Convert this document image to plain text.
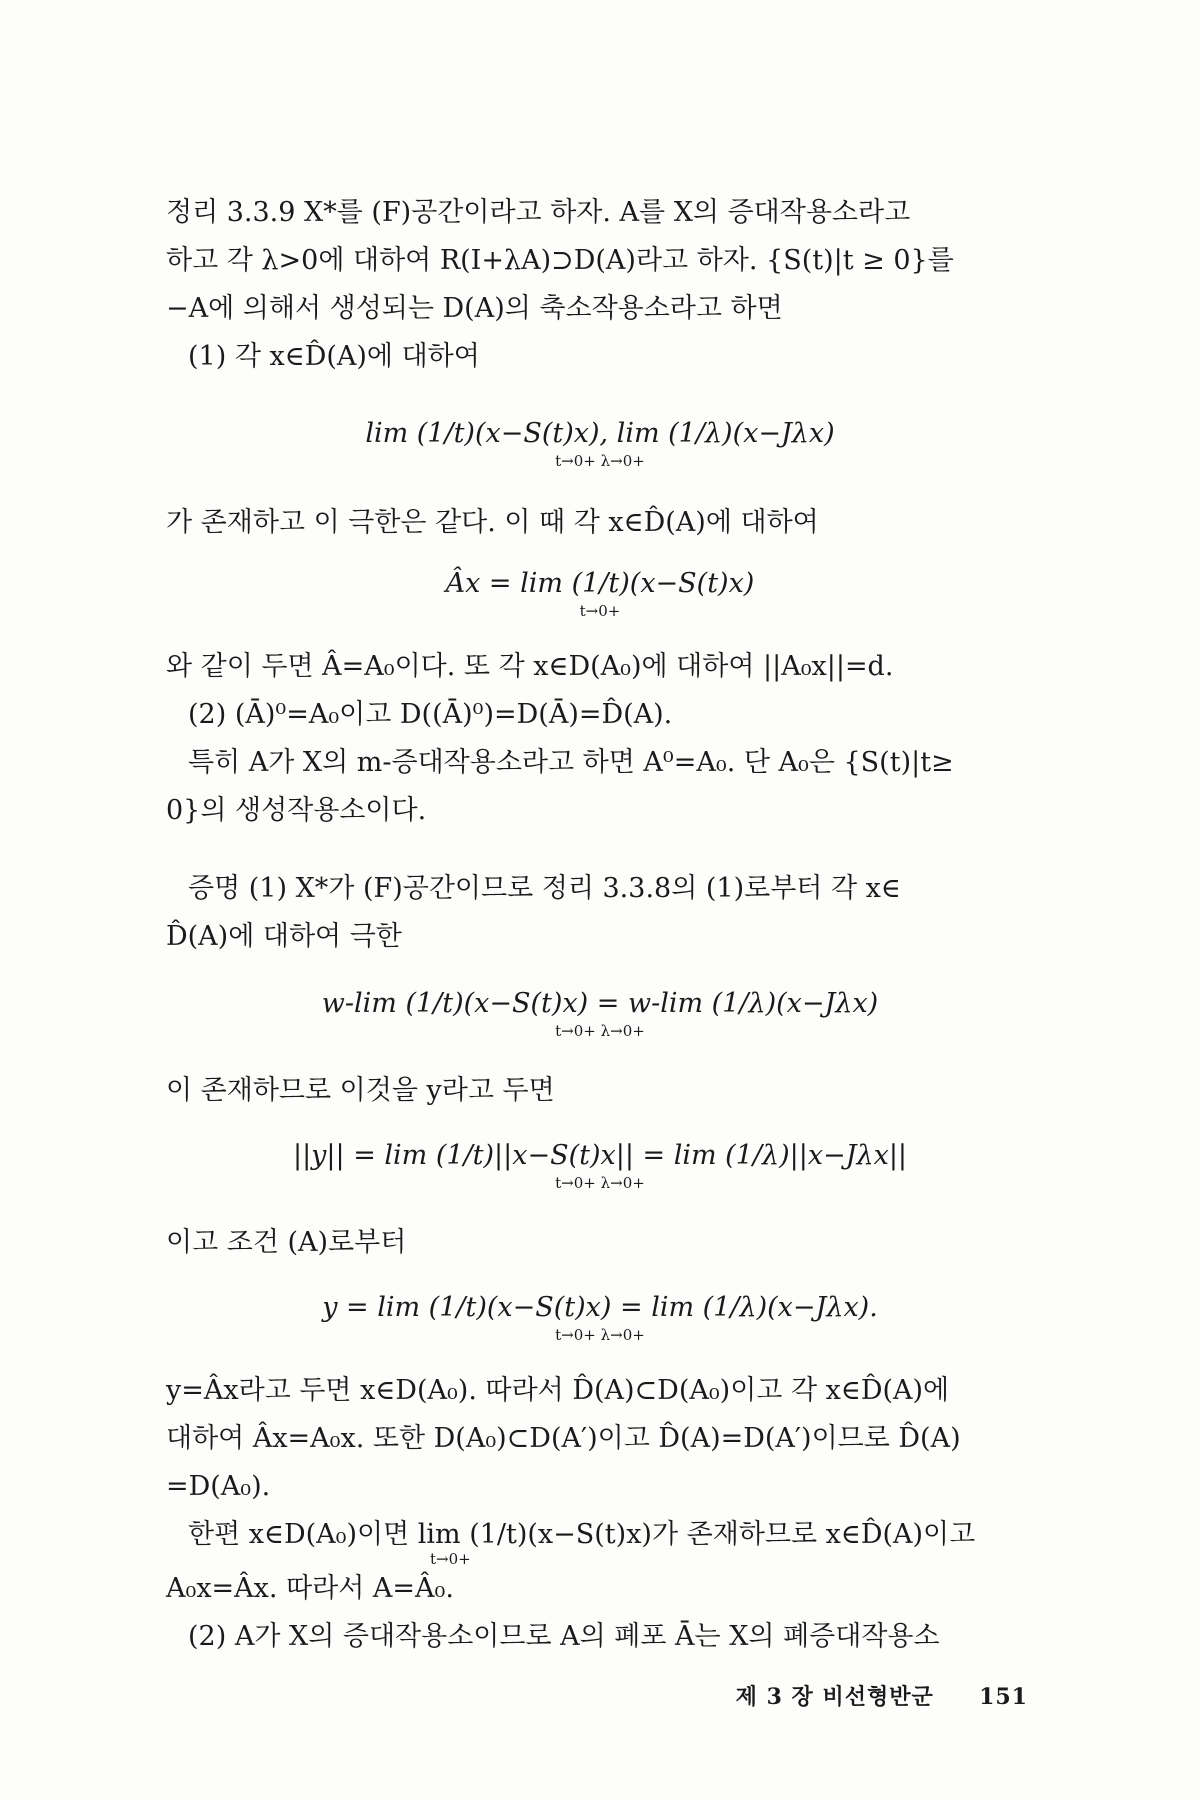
정리 3.3.9 X*를 (F)공간이라고 하자. A를 X의 증대작용소라고
하고 각 λ>0에 대하여 R(I+λA)⊃D(A)라고 하자. {S(t)|t ≥ 0}를
−A에 의해서 생성되는 D(A)의 축소작용소라고 하면
(1) 각 x∈D̂(A)에 대하여
lim (1/t)(x−S(t)x), lim (1/λ)(x−Jλx)
t→0+ λ→0+
가 존재하고 이 극한은 같다. 이 때 각 x∈D̂(A)에 대하여
Âx = lim (1/t)(x−S(t)x)
t→0+
와 같이 두면 Â=A₀이다. 또 각 x∈D(A₀)에 대하여 ||A₀x||=d.
(2) (Ā)⁰=A₀이고 D((Ā)⁰)=D(Ā)=D̂(A).
특히 A가 X의 m-증대작용소라고 하면 A⁰=A₀. 단 A₀은 {S(t)|t≥
0}의 생성작용소이다.
증명 (1) X*가 (F)공간이므로 정리 3.3.8의 (1)로부터 각 x∈
D̂(A)에 대하여 극한
w-lim (1/t)(x−S(t)x) = w-lim (1/λ)(x−Jλx)
t→0+ λ→0+
이 존재하므로 이것을 y라고 두면
||y|| = lim (1/t)||x−S(t)x|| = lim (1/λ)||x−Jλx||
t→0+ λ→0+
이고 조건 (A)로부터
y = lim (1/t)(x−S(t)x) = lim (1/λ)(x−Jλx).
t→0+ λ→0+
y=Âx라고 두면 x∈D(A₀). 따라서 D̂(A)⊂D(A₀)이고 각 x∈D̂(A)에
대하여 Âx=A₀x. 또한 D(A₀)⊂D(A′)이고 D̂(A)=D(A′)이므로 D̂(A)
=D(A₀).
한편 x∈D(A₀)이면 lim (1/t)(x−S(t)x)가 존재하므로 x∈D̂(A)이고
t→0+
A₀x=Âx. 따라서 A=Â₀.
(2) A가 X의 증대작용소이므로 A의 폐포 Ā는 X의 폐증대작용소
제 3 장 비선형반군 151
